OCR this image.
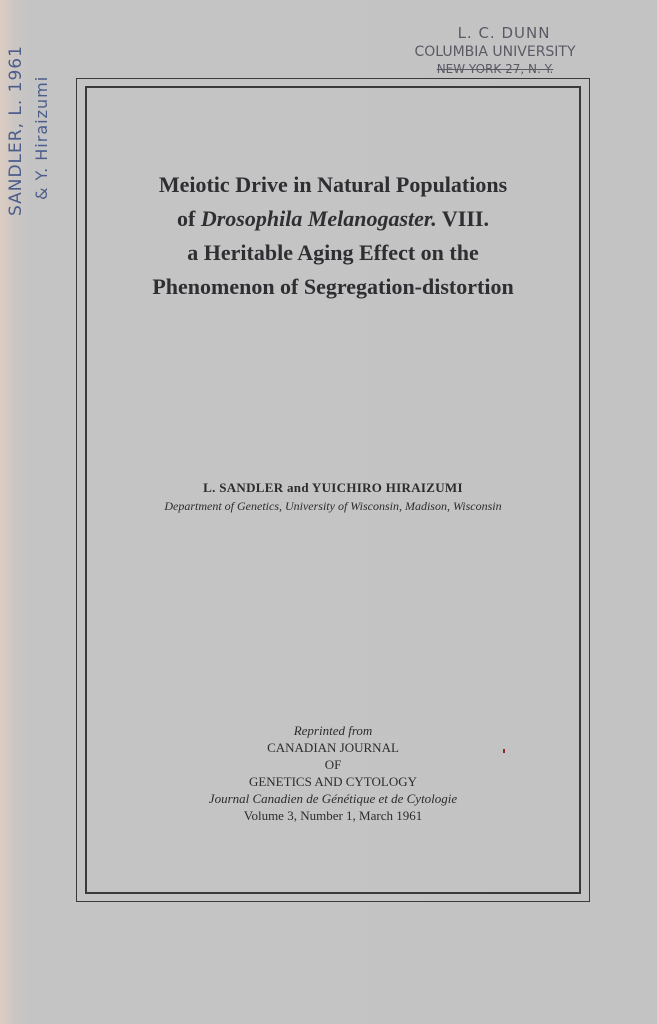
SANDLER, L. 1961 & Y. Hiraizumi
L. C. DUNN
COLUMBIA UNIVERSITY
NEW YORK 27, N. Y.
Meiotic Drive in Natural Populations
of Drosophila Melanogaster. VIII.
a Heritable Aging Effect on the
Phenomenon of Segregation-distortion
L. SANDLER and YUICHIRO HIRAIZUMI
Department of Genetics, University of Wisconsin, Madison, Wisconsin
Reprinted from
CANADIAN JOURNAL
OF
GENETICS AND CYTOLOGY
Journal Canadien de Génétique et de Cytologie
Volume 3, Number 1, March 1961
